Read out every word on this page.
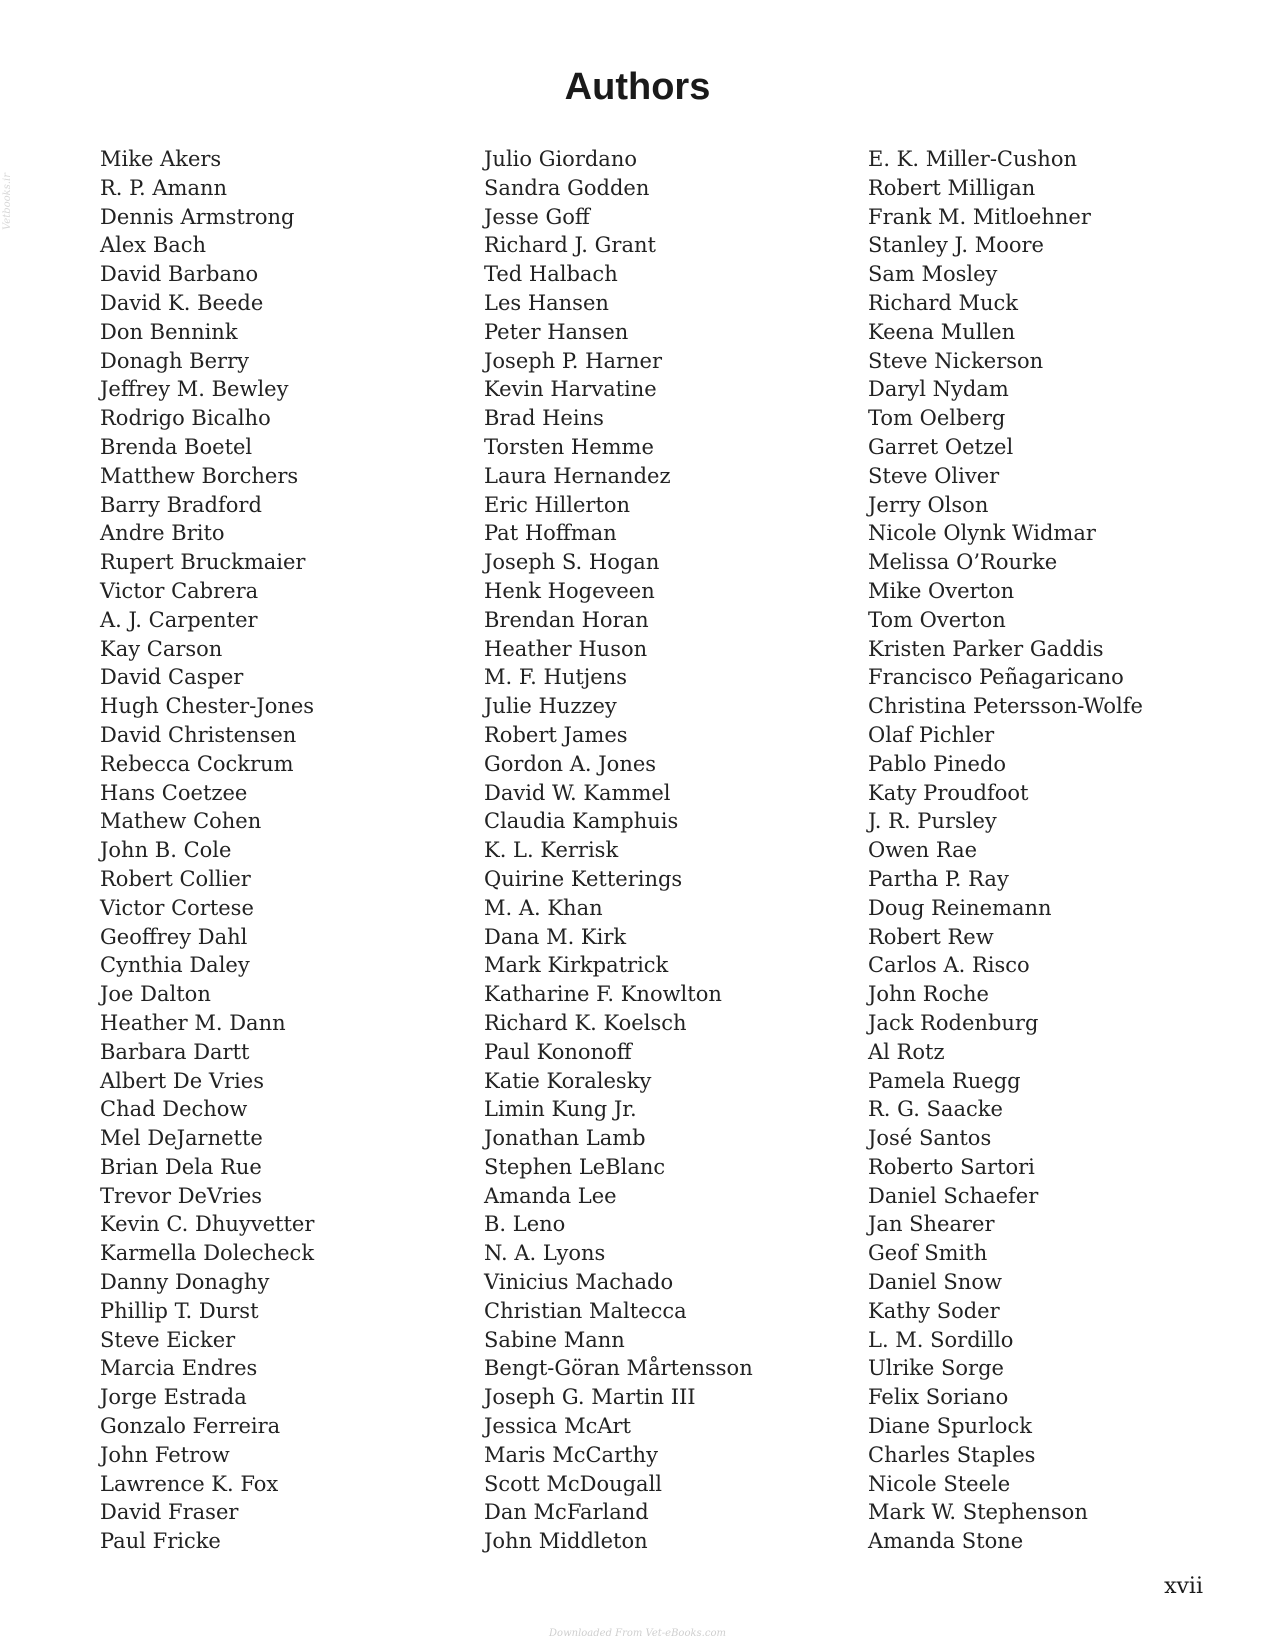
Vetbooks.ir
Authors
Mike Akers
R. P. Amann
Dennis Armstrong
Alex Bach
David Barbano
David K. Beede
Don Bennink
Donagh Berry
Jeffrey M. Bewley
Rodrigo Bicalho
Brenda Boetel
Matthew Borchers
Barry Bradford
Andre Brito
Rupert Bruckmaier
Victor Cabrera
A. J. Carpenter
Kay Carson
David Casper
Hugh Chester-Jones
David Christensen
Rebecca Cockrum
Hans Coetzee
Mathew Cohen
John B. Cole
Robert Collier
Victor Cortese
Geoffrey Dahl
Cynthia Daley
Joe Dalton
Heather M. Dann
Barbara Dartt
Albert De Vries
Chad Dechow
Mel DeJarnette
Brian Dela Rue
Trevor DeVries
Kevin C. Dhuyvetter
Karmella Dolecheck
Danny Donaghy
Phillip T. Durst
Steve Eicker
Marcia Endres
Jorge Estrada
Gonzalo Ferreira
John Fetrow
Lawrence K. Fox
David Fraser
Paul Fricke
Julio Giordano
Sandra Godden
Jesse Goff
Richard J. Grant
Ted Halbach
Les Hansen
Peter Hansen
Joseph P. Harner
Kevin Harvatine
Brad Heins
Torsten Hemme
Laura Hernandez
Eric Hillerton
Pat Hoffman
Joseph S. Hogan
Henk Hogeveen
Brendan Horan
Heather Huson
M. F. Hutjens
Julie Huzzey
Robert James
Gordon A. Jones
David W. Kammel
Claudia Kamphuis
K. L. Kerrisk
Quirine Ketterings
M. A. Khan
Dana M. Kirk
Mark Kirkpatrick
Katharine F. Knowlton
Richard K. Koelsch
Paul Kononoff
Katie Koralesky
Limin Kung Jr.
Jonathan Lamb
Stephen LeBlanc
Amanda Lee
B. Leno
N. A. Lyons
Vinicius Machado
Christian Maltecca
Sabine Mann
Bengt-Göran Mårtensson
Joseph G. Martin III
Jessica McArt
Maris McCarthy
Scott McDougall
Dan McFarland
John Middleton
E. K. Miller-Cushon
Robert Milligan
Frank M. Mitloehner
Stanley J. Moore
Sam Mosley
Richard Muck
Keena Mullen
Steve Nickerson
Daryl Nydam
Tom Oelberg
Garret Oetzel
Steve Oliver
Jerry Olson
Nicole Olynk Widmar
Melissa O’Rourke
Mike Overton
Tom Overton
Kristen Parker Gaddis
Francisco Peñagaricano
Christina Petersson-Wolfe
Olaf Pichler
Pablo Pinedo
Katy Proudfoot
J. R. Pursley
Owen Rae
Partha P. Ray
Doug Reinemann
Robert Rew
Carlos A. Risco
John Roche
Jack Rodenburg
Al Rotz
Pamela Ruegg
R. G. Saacke
José Santos
Roberto Sartori
Daniel Schaefer
Jan Shearer
Geof Smith
Daniel Snow
Kathy Soder
L. M. Sordillo
Ulrike Sorge
Felix Soriano
Diane Spurlock
Charles Staples
Nicole Steele
Mark W. Stephenson
Amanda Stone
xvii
Downloaded From Vet-eBooks.com
